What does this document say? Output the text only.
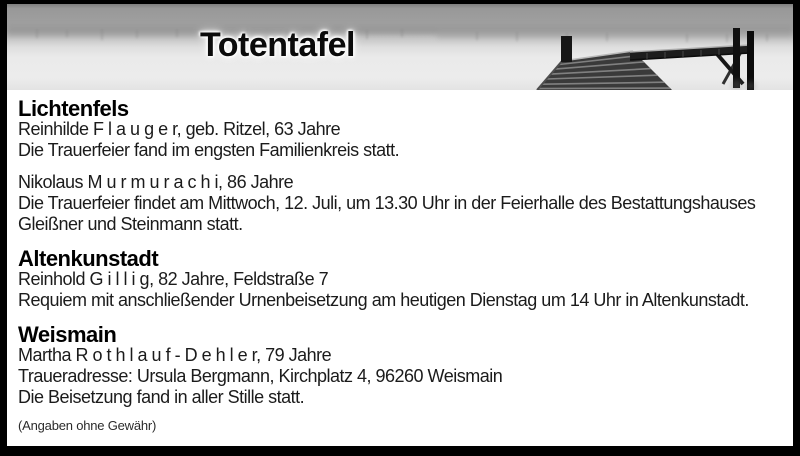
Totentafel
Lichtenfels
Reinhilde F l a u g e r, geb. Ritzel, 63 Jahre
Die Trauerfeier fand im engsten Familienkreis statt.
Nikolaus M u r m u r a c h i, 86 Jahre
Die Trauerfeier findet am Mittwoch, 12. Juli, um 13.30 Uhr in der Feierhalle des Bestattungshauses
Gleißner und Steinmann statt.
Altenkunstadt
Reinhold G i l l i g, 82 Jahre, Feldstraße 7
Requiem mit anschließender Urnenbeisetzung am heutigen Dienstag um 14 Uhr in Altenkunstadt.
Weismain
Martha R o t h l a u f - D e h l e r, 79 Jahre
Traueradresse: Ursula Bergmann, Kirchplatz 4, 96260 Weismain
Die Beisetzung fand in aller Stille statt.

(Angaben ohne Gewähr)
